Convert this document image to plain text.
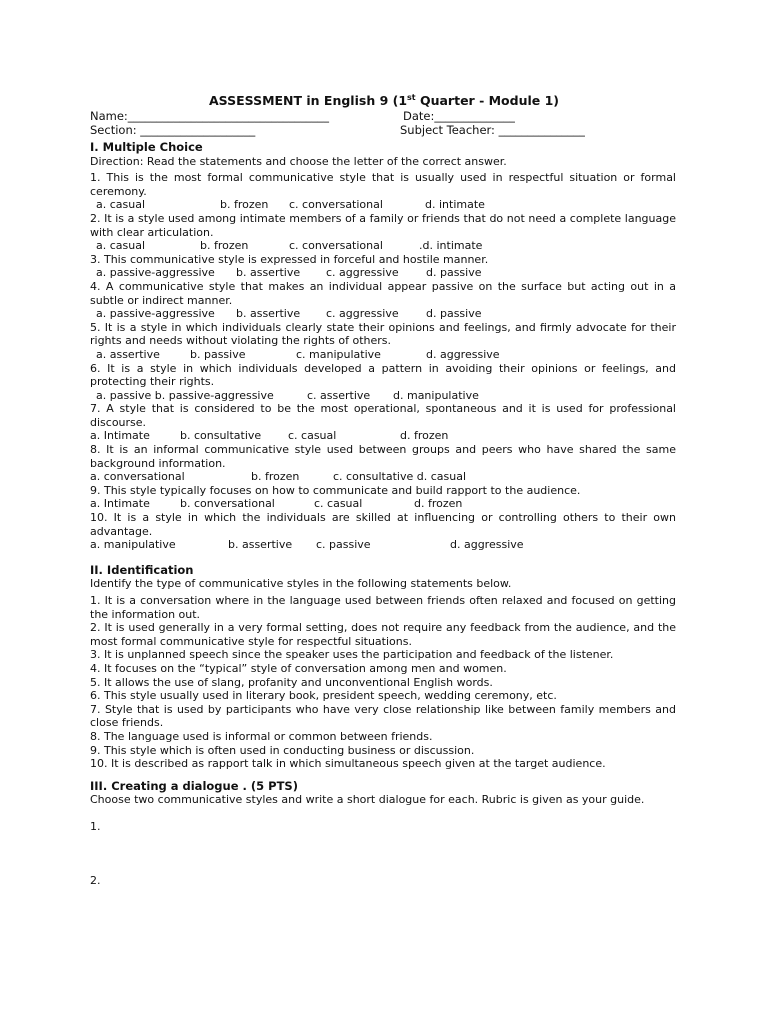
ASSESSMENT in English 9 (1st Quarter - Module 1)
Name:___________________________________	Date:______________
Section: ____________________	Subject Teacher: _______________
I. Multiple Choice
Direction: Read the statements and choose the letter of the correct answer.
1. This is the most formal communicative style that is usually used in respectful situation or formal ceremony.
a. casual	b. frozen	c. conversational	d. intimate
2. It is a style used among intimate members of a family or friends that do not need a complete language with clear articulation.
a. casual	b. frozen	c. conversational	.d. intimate
3. This communicative style is expressed in forceful and hostile manner.
a. passive-aggressive	b. assertive	c. aggressive	d. passive
4. A communicative style that makes an individual appear passive on the surface but acting out in a subtle or indirect manner.
a. passive-aggressive	b. assertive	c. aggressive	d. passive
5. It is a style in which individuals clearly state their opinions and feelings, and firmly advocate for their rights and needs without violating the rights of others.
a. assertive	b. passive	c. manipulative	d. aggressive
6. It is a style in which individuals developed a pattern in avoiding their opinions or feelings, and protecting their rights.
a. passive b. passive-aggressive	c. assertive	d. manipulative
7. A style that is considered to be the most operational, spontaneous and it is used for professional discourse.
a. Intimate	b. consultative	c. casual	d. frozen
8. It is an informal communicative style used between groups and peers who have shared the same background information.
a. conversational	b. frozen	c. consultative d. casual
9. This style typically focuses on how to communicate and build rapport to the audience.
a. Intimate	b. conversational	c. casual	d. frozen
10. It is a style in which the individuals are skilled at influencing or controlling others to their own advantage.
a. manipulative	b. assertive	c. passive	d. aggressive
II. Identification
Identify the type of communicative styles in the following statements below.
1. It is a conversation where in the language used between friends often relaxed and focused on getting the information out.
2. It is used generally in a very formal setting, does not require any feedback from the audience, and the most formal communicative style for respectful situations.
3. It is unplanned speech since the speaker uses the participation and feedback of the listener.
4. It focuses on the “typical” style of conversation among men and women.
5. It allows the use of slang, profanity and unconventional English words.
6. This style usually used in literary book, president speech, wedding ceremony, etc.
7. Style that is used by participants who have very close relationship like between family members and close friends.
8. The language used is informal or common between friends.
9. This style which is often used in conducting business or discussion.
10. It is described as rapport talk in which simultaneous speech given at the target audience.
III. Creating a dialogue . (5 PTS)
Choose two communicative styles and write a short dialogue for each. Rubric is given as your guide.
1.
2.
